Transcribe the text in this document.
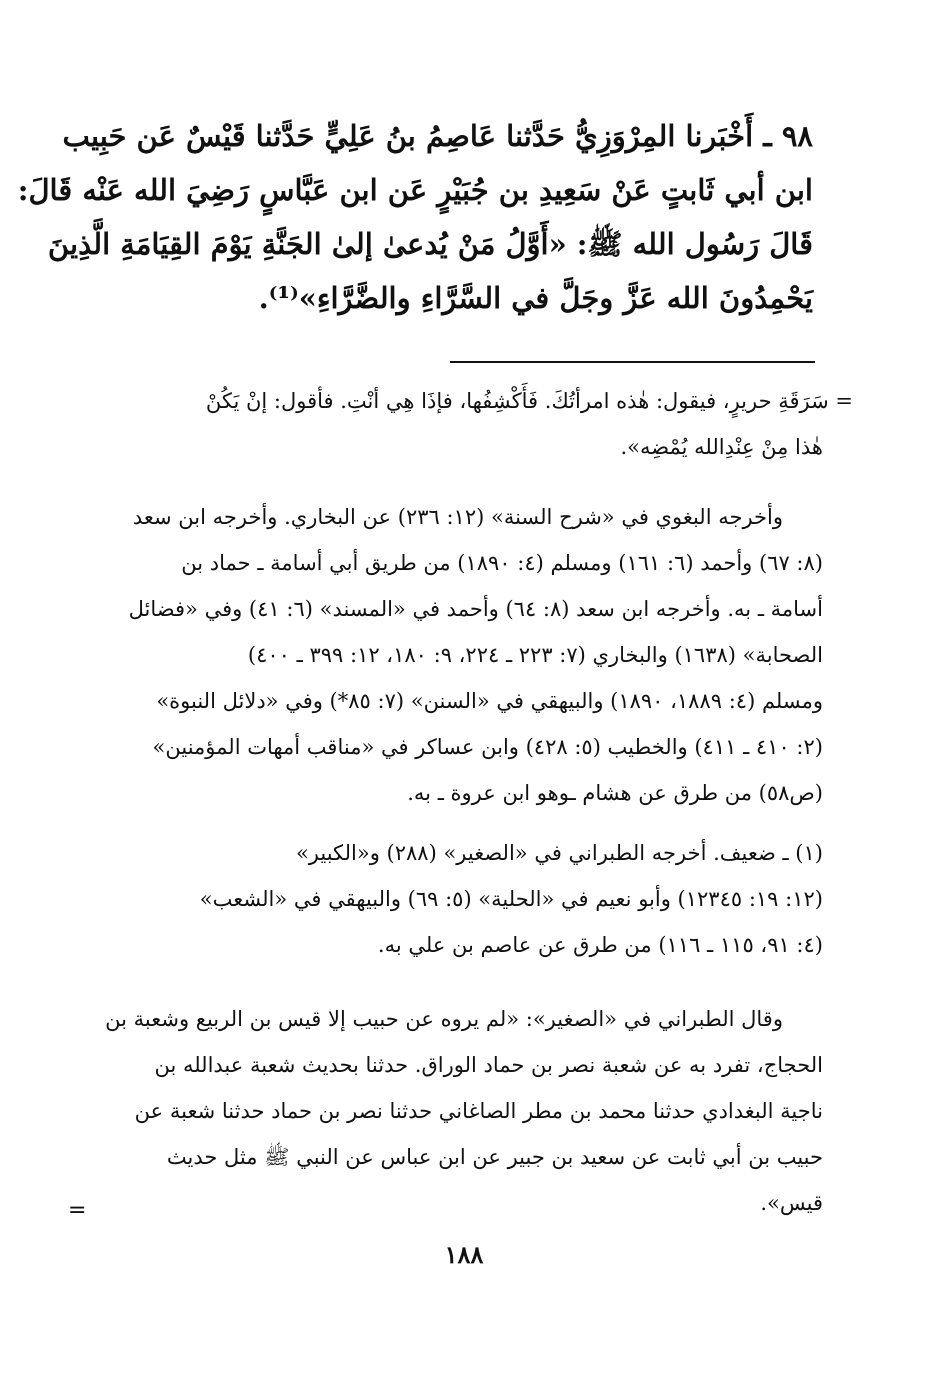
٩٨ ـ أَخْبَرنا المِرْوَزِيُّ حَدَّثنا عَاصِمُ بنُ عَلِيٍّ حَدَّثنا قَيْسٌ عَن حَبِيب
ابن أبي ثَابتٍ عَنْ سَعِيدِ بن جُبَيْرٍ عَن ابن عَبَّاسٍ رَضِيَ الله عَنْه قَالَ:
قَالَ رَسُول الله ﷺ: «أَوَّلُ مَنْ يُدعىٰ إلىٰ الجَنَّةِ يَوْمَ القِيَامَةِ الَّذِينَ
يَحْمِدُونَ الله عَزَّ وجَلَّ في السَّرَّاءِ والضَّرَّاءِ»⁽¹⁾.
= سَرَقَةِ حريرٍ، فيقول: هٰذه امرأتُكَ. فَأَكْشِفُها، فإذَا هِي أنْتِ. فأقول: إنْ يَكُنْ
هٰذا مِنْ عِنْدِالله يُمْضِه».
وأخرجه البغوي في «شرح السنة» (١٢: ٢٣٦) عن البخاري. وأخرجه ابن سعد
(٨: ٦٧) وأحمد (٦: ١٦١) ومسلم (٤: ١٨٩٠) من طريق أبي أسامة ـ حماد بن
أسامة ـ به. وأخرجه ابن سعد (٨: ٦٤) وأحمد في «المسند» (٦: ٤١) وفي «فضائل
الصحابة» (١٦٣٨) والبخاري (٧: ٢٢٣ ـ ٢٢٤، ٩: ١٨٠، ١٢: ٣٩٩ ـ ٤٠٠)
ومسلم (٤: ١٨٨٩، ١٨٩٠) والبيهقي في «السنن» (٧: ٨٥*) وفي «دلائل النبوة»
(٢: ٤١٠ ـ ٤١١) والخطيب (٥: ٤٢٨) وابن عساكر في «مناقب أمهات المؤمنين»
(ص٥٨) من طرق عن هشام ـوهو ابن عروة ـ به.
(١) ـ ضعيف. أخرجه الطبراني في «الصغير» (٢٨٨) و«الكبير»
(١٢: ١٩: ١٢٣٤٥) وأبو نعيم في «الحلية» (٥: ٦٩) والبيهقي في «الشعب»
(٤: ٩١، ١١٥ ـ ١١٦) من طرق عن عاصم بن علي به.
وقال الطبراني في «الصغير»: «لم يروه عن حبيب إلا قيس بن الربيع وشعبة بن
الحجاج، تفرد به عن شعبة نصر بن حماد الوراق. حدثنا بحديث شعبة عبدالله بن
ناجية البغدادي حدثنا محمد بن مطر الصاغاني حدثنا نصر بن حماد حدثنا شعبة عن
حبيب بن أبي ثابت عن سعيد بن جبير عن ابن عباس عن النبي ﷺ مثل حديث
قيس».
=
١٨٨
